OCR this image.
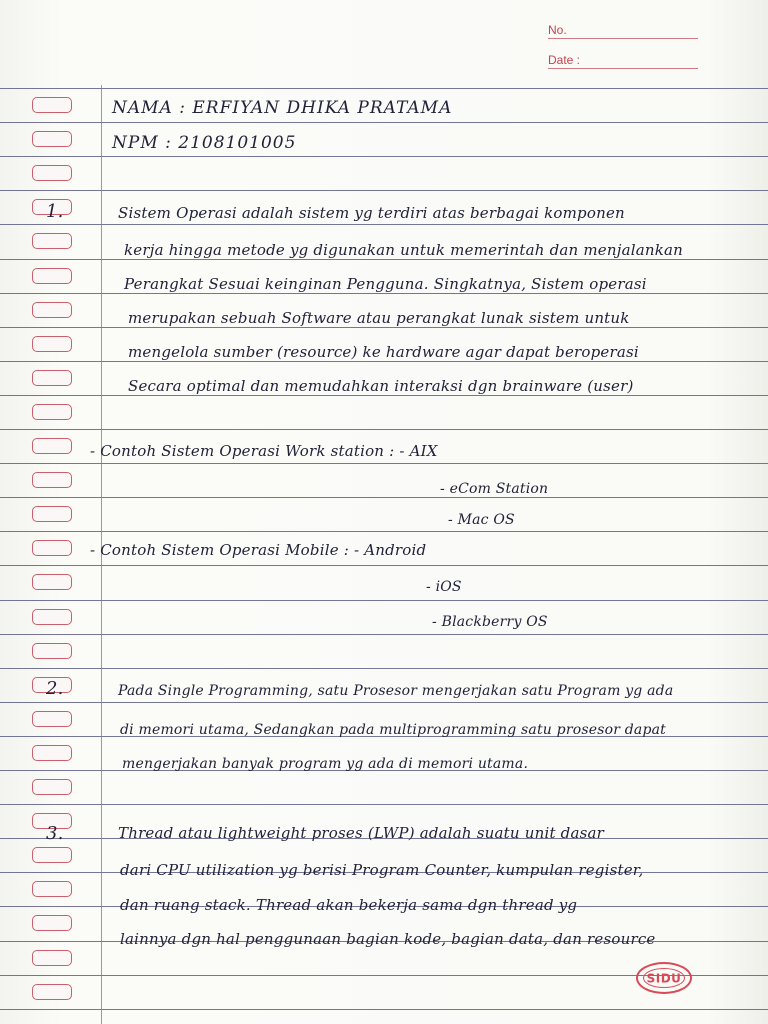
No.
Date :
NAMA : ERFIYAN DHIKA PRATAMA
NPM : 2108101005
1.	Sistem Operasi adalah sistem yg terdiri atas berbagai komponen
kerja hingga metode yg digunakan untuk memerintah dan menjalankan
Perangkat Sesuai keinginan Pengguna. Singkatnya, Sistem operasi
merupakan sebuah Software atau perangkat lunak sistem untuk
mengelola sumber (resource) ke hardware agar dapat beroperasi
Secara optimal dan memudahkan interaksi dgn brainware (user)
- Contoh Sistem Operasi Work station : - AIX
- eCom Station
- Mac OS
- Contoh Sistem Operasi Mobile : - Android
- iOS
- Blackberry OS
2.	Pada Single Programming, satu Prosesor mengerjakan satu Program yg ada
di memori utama, Sedangkan pada multiprogramming satu prosesor dapat
mengerjakan banyak program yg ada di memori utama.
3.	Thread atau lightweight proses (LWP) adalah suatu unit dasar
dari CPU utilization yg berisi Program Counter, kumpulan register,
dan ruang stack. Thread akan bekerja sama dgn thread yg
lainnya dgn hal penggunaan bagian kode, bagian data, dan resource
SIDU
